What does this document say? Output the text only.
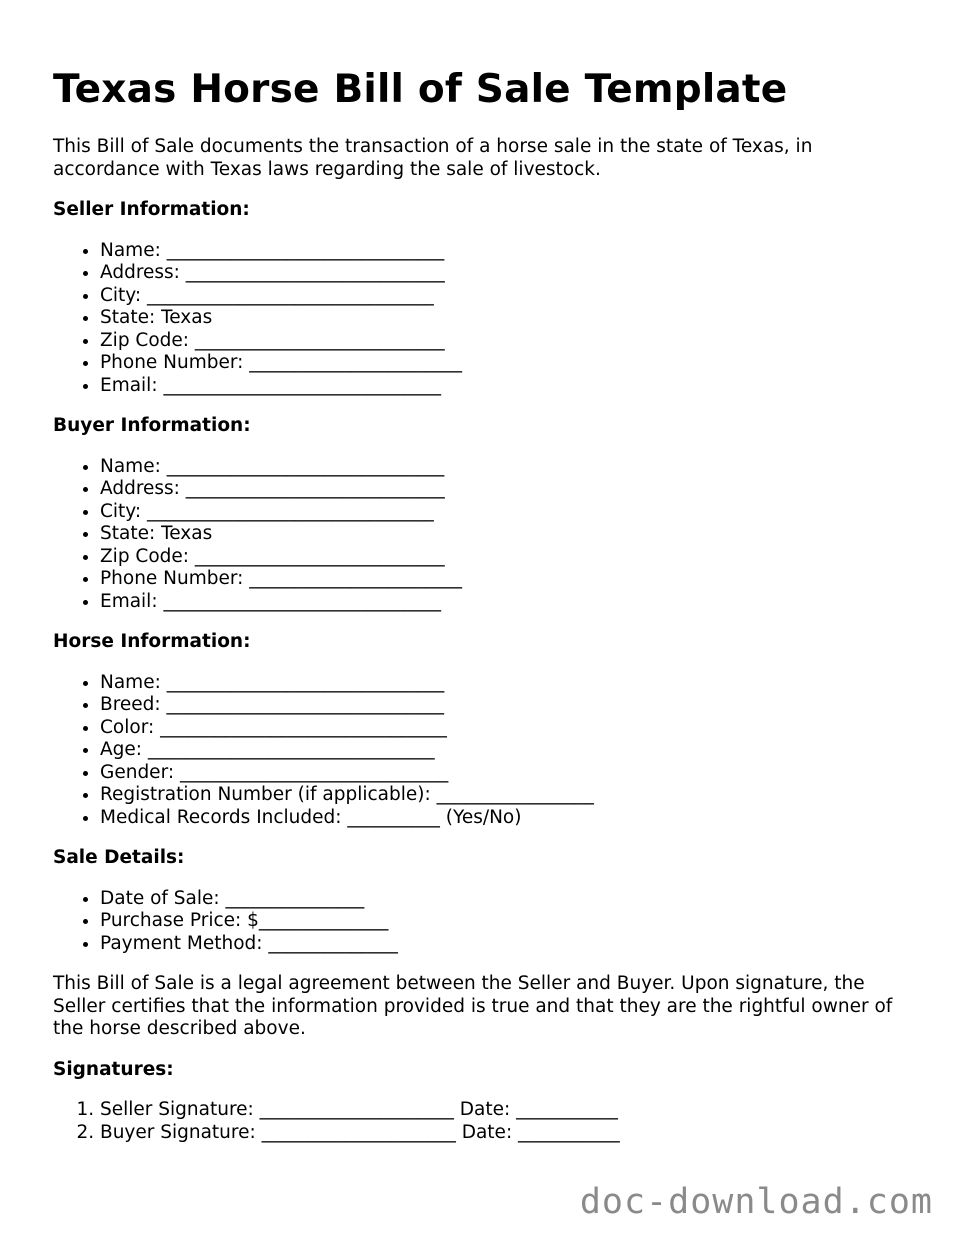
Texas Horse Bill of Sale Template

This Bill of Sale documents the transaction of a horse sale in the state of Texas, in accordance with Texas laws regarding the sale of livestock.

Seller Information:
• Name: ______________________________
• Address: ____________________________
• City: _______________________________
• State: Texas
• Zip Code: ___________________________
• Phone Number: _______________________
• Email: ______________________________
Buyer Information:
• Name: ______________________________
• Address: ____________________________
• City: _______________________________
• State: Texas
• Zip Code: ___________________________
• Phone Number: _______________________
• Email: ______________________________
Horse Information:
• Name: ______________________________
• Breed: ______________________________
• Color: _______________________________
• Age: _______________________________
• Gender: _____________________________
• Registration Number (if applicable): _________________
• Medical Records Included: __________ (Yes/No)
Sale Details:
• Date of Sale: _______________
• Purchase Price: $______________
• Payment Method: ______________

This Bill of Sale is a legal agreement between the Seller and Buyer. Upon signature, the Seller certifies that the information provided is true and that they are the rightful owner of the horse described above.

Signatures:
1. Seller Signature: _____________________ Date: ___________
2. Buyer Signature: _____________________ Date: ___________
doc-download.com
